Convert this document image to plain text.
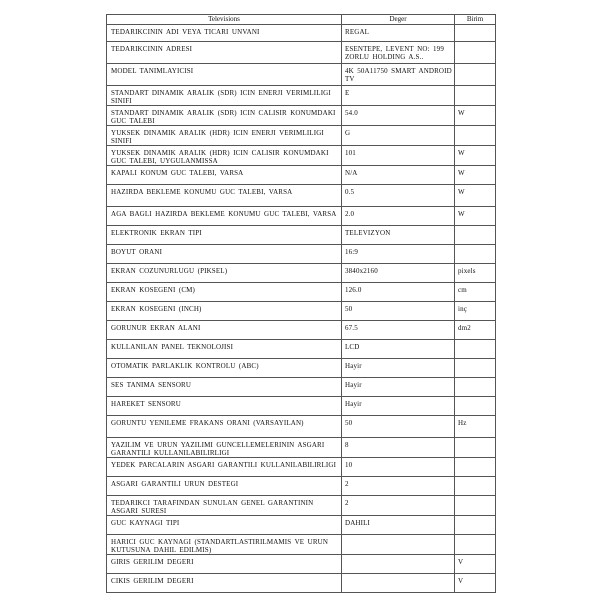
Televisions	Deger	Birim

TEDARIKCININ ADI VEYA TICARI UNVANI	REGAL	

TEDARIKCININ ADRESI	ESENTEPE, LEVENT NO: 199 ZORLU HOLDING A.S..	

MODEL TANIMLAYICISI	4K 50A11750 SMART ANDROID TV	

STANDART DINAMIK ARALIK (SDR) ICIN ENERJI VERIMLILIGI SINIFI	E	

STANDART DINAMIK ARALIK (SDR) ICIN CALISIR KONUMDAKI GUC TALEBI	54.0	W

YUKSEK DINAMIK ARALIK (HDR) ICIN ENERJI VERIMLILIGI SINIFI	G	

YUKSEK DINAMIK ARALIK (HDR) ICIN CALISIR KONUMDAKI GUC TALEBI, UYGULANMISSA	101	W

KAPALI KONUM GUC TALEBI, VARSA	N/A	W

HAZIRDA BEKLEME KONUMU GUC TALEBI, VARSA	0.5	W

AGA BAGLI HAZIRDA BEKLEME KONUMU GUC TALEBI, VARSA	2.0	W

ELEKTRONIK EKRAN TIPI	TELEVIZYON	

BOYUT ORANI	16:9	

EKRAN COZUNURLUGU (PIKSEL)	3840x2160	pixels

EKRAN KOSEGENI (CM)	126.0	cm

EKRAN KOSEGENI (INCH)	50	inç

GORUNUR EKRAN ALANI	67.5	dm2

KULLANILAN PANEL TEKNOLOJISI	LCD	

OTOMATIK PARLAKLIK KONTROLU (ABC)	Hayir	

SES TANIMA SENSORU	Hayir	

HAREKET SENSORU	Hayir	

GORUNTU YENILEME FRAKANS ORANI (VARSAYILAN)	50	Hz

YAZILIM VE URUN YAZILIMI GUNCELLEMELERININ ASGARI GARANTILI KULLANILABILIRLIGI	8	

YEDEK PARCALARIN ASGARI GARANTILI KULLANILABILIRLIGI	10	

ASGARI GARANTILI URUN DESTEGI	2	

TEDARIKCI TARAFINDAN SUNULAN GENEL GARANTININ ASGARI SURESI	2	

GUC KAYNAGI TIPI	DAHILI	

HARICI GUC KAYNAGI (STANDARTLASTIRILMAMIS VE URUN KUTUSUNA DAHIL EDILMIS)		

GIRIS GERILIM DEGERI		V

CIKIS GERILIM DEGERI		V
